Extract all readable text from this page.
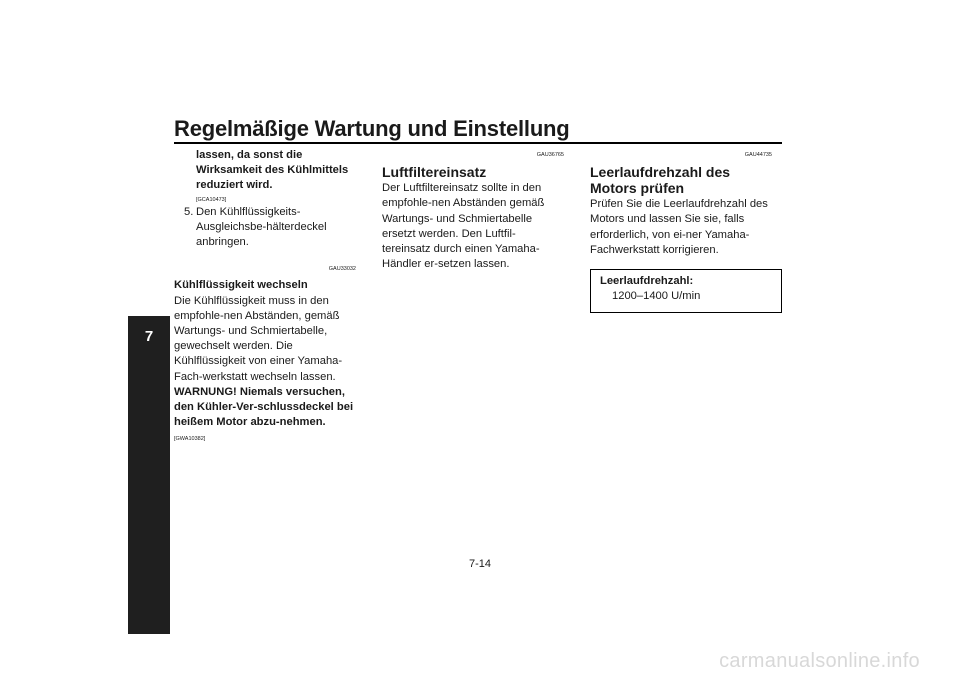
Regelmäßige Wartung und Einstellung
7

lassen, da sonst die Wirksamkeit des Kühlmittels reduziert wird.

[GCA10473]
5. Den Kühlflüssigkeits-Ausgleichsbe-hälterdeckel anbringen.
GAU33032
Kühlflüssigkeit wechseln

Die Kühlflüssigkeit muss in den empfohle-nen Abständen, gemäß Wartungs- und Schmiertabelle, gewechselt werden. Die Kühlflüssigkeit von einer Yamaha-Fach-werkstatt wechseln lassen. WARNUNG! Niemals versuchen, den Kühler-Ver-schlussdeckel bei heißem Motor abzu-nehmen. [GWA10382]

GAU36765
Luftfiltereinsatz

Der Luftfiltereinsatz sollte in den empfohle-nen Abständen gemäß Wartungs- und Schmiertabelle ersetzt werden. Den Luftfil-tereinsatz durch einen Yamaha-Händler er-setzen lassen.

GAU44735
Leerlaufdrehzahl des Motors prüfen

Prüfen Sie die Leerlaufdrehzahl des Motors und lassen Sie sie, falls erforderlich, von ei-ner Yamaha-Fachwerkstatt korrigieren.

Leerlaufdrehzahl:
1200–1400 U/min
7-14
carmanualsonline.info
